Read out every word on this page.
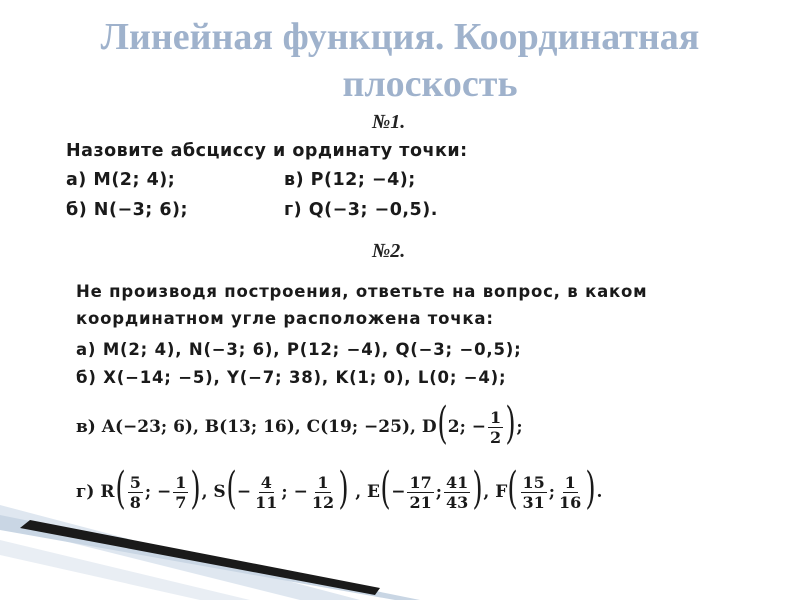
Линейная функция. Координатная
плоскость
№1.
Назовите абсциссу и ординату точки:
а) M(2; 4);	в) P(12; −4);
б) N(−3; 6);	г) Q(−3; −0,5).
№2.
Не производя построения, ответьте на вопрос, в каком
координатном угле расположена точка:
а) M(2; 4), N(−3; 6), P(12; −4), Q(−3; −0,5);
б) X(−14; −5), Y(−7; 38), K(1; 0), L(0; −4);
в) A(−23; 6), B(13; 16), C(19; −25), D ( 2; − $\frac{1}{2}$ ) ;
г) R ( $\frac{5}{8}$ ; − $\frac{1}{7}$ ) , S ( − $\frac{4}{11}$ ; − $\frac{1}{12}$ ) , E ( − $\frac{17}{21}$ ; $\frac{41}{43}$ ) , F ( $\frac{15}{31}$ ; $\frac{1}{16}$ ) .
